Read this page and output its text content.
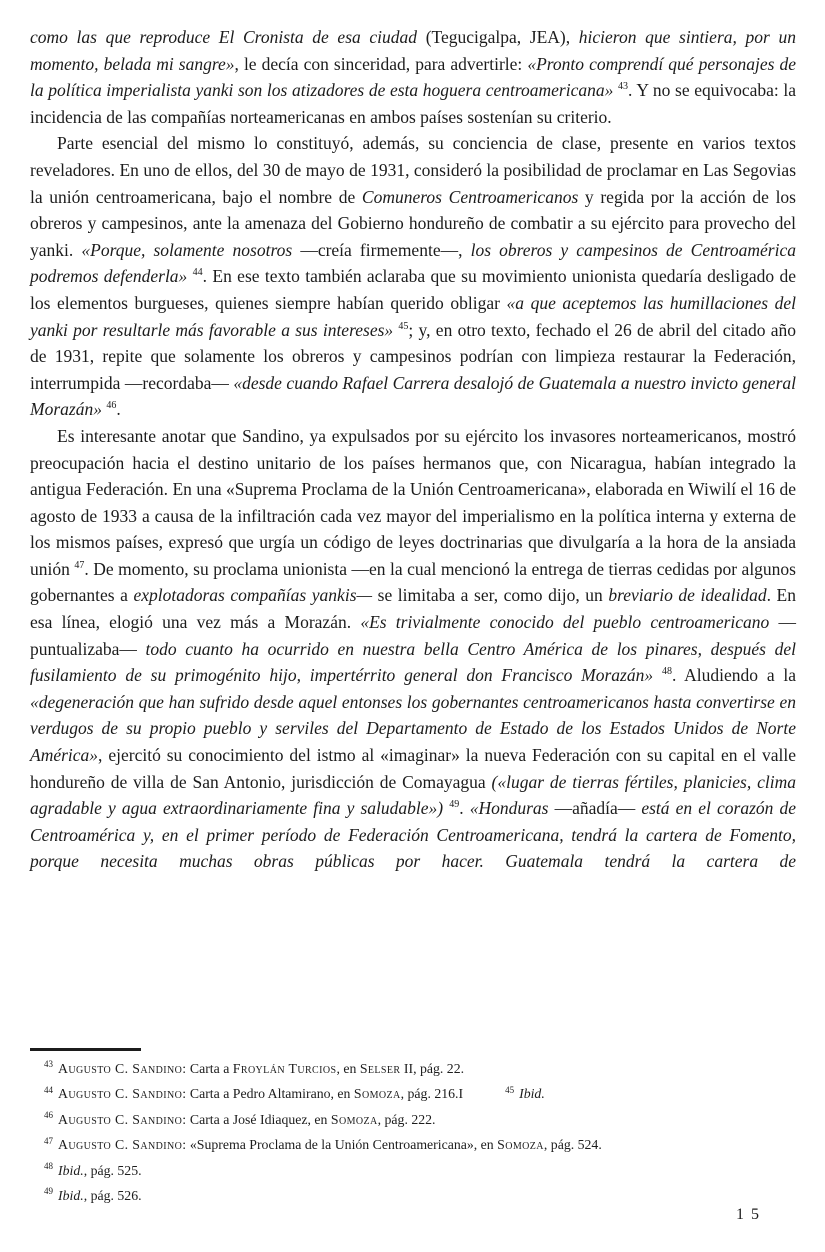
como las que reproduce El Cronista de esa ciudad (Tegucigalpa, JEA), hicieron que sintiera, por un momento, belada mi sangre», le decía con sinceridad, para advertirle: «Pronto comprendí qué personajes de la política imperialista yanki son los atizadores de esta hoguera centroamericana» $^{43}$. Y no se equivocaba: la incidencia de las compañías norteamericanas en ambos países sostenían su criterio.

Parte esencial del mismo lo constituyó, además, su conciencia de clase, presente en varios textos reveladores. En uno de ellos, del 30 de mayo de 1931, consideró la posibilidad de proclamar en Las Segovias la unión centroamericana, bajo el nombre de Comuneros Centroamericanos y regida por la acción de los obreros y campesinos, ante la amenaza del Gobierno hondureño de combatir a su ejército para provecho del yanki. «Porque, solamente nosotros —creía firmemente—, los obreros y campesinos de Centroamérica podremos defenderla» $^{44}$. En ese texto también aclaraba que su movimiento unionista quedaría desligado de los elementos burgueses, quienes siempre habían querido obligar «a que aceptemos las humillaciones del yanki por resultarle más favorable a sus intereses» $^{45}$; y, en otro texto, fechado el 26 de abril del citado año de 1931, repite que solamente los obreros y campesinos podrían con limpieza restaurar la Federación, interrumpida —recordaba— «desde cuando Rafael Carrera desalojó de Guatemala a nuestro invicto general Morazán» $^{46}$.

Es interesante anotar que Sandino, ya expulsados por su ejército los invasores norteamericanos, mostró preocupación hacia el destino unitario de los países hermanos que, con Nicaragua, habían integrado la antigua Federación. En una «Suprema Proclama de la Unión Centroamericana», elaborada en Wiwilí el 16 de agosto de 1933 a causa de la infiltración cada vez mayor del imperialismo en la política interna y externa de los mismos países, expresó que urgía un código de leyes doctrinarias que divulgaría a la hora de la ansiada unión $^{47}$. De momento, su proclama unionista —en la cual mencionó la entrega de tierras cedidas por algunos gobernantes a explotadoras compañías yankis— se limitaba a ser, como dijo, un breviario de idealidad. En esa línea, elogió una vez más a Morazán. «Es trivialmente conocido del pueblo centroamericano —puntualizaba— todo cuanto ha ocurrido en nuestra bella Centro América de los pinares, después del fusilamiento de su primogénito hijo, impertérrito general don Francisco Morazán» $^{48}$. Aludiendo a la «degeneración que han sufrido desde aquel entonses los gobernantes centroamericanos hasta convertirse en verdugos de su propio pueblo y serviles del Departamento de Estado de los Estados Unidos de Norte América», ejercitó su conocimiento del istmo al «imaginar» la nueva Federación con su capital en el valle hondureño de villa de San Antonio, jurisdicción de Comayagua («lugar de tierras fértiles, planicies, clima agradable y agua extraordinariamente fina y saludable») $^{49}$. «Honduras —añadía— está en el corazón de Centroamérica y, en el primer período de Federación Centroamericana, tendrá la cartera de Fomento, porque necesita muchas obras públicas por hacer. Guatemala tendrá la cartera de

$^{43}$ Augusto C. Sandino: Carta a Froylán Turcios, en Selser II, pág. 22.
$^{44}$ Augusto C. Sandino: Carta a Pedro Altamirano, en Somoza, pág. 216.I	$^{45}$ Ibid.
$^{46}$ Augusto C. Sandino: Carta a José Idiaquez, en Somoza, pág. 222.
$^{47}$ Augusto C. Sandino: «Suprema Proclama de la Unión Centroamericana», en Somoza, pág. 524.
$^{48}$ Ibid., pág. 525.
$^{49}$ Ibid., pág. 526.
15
